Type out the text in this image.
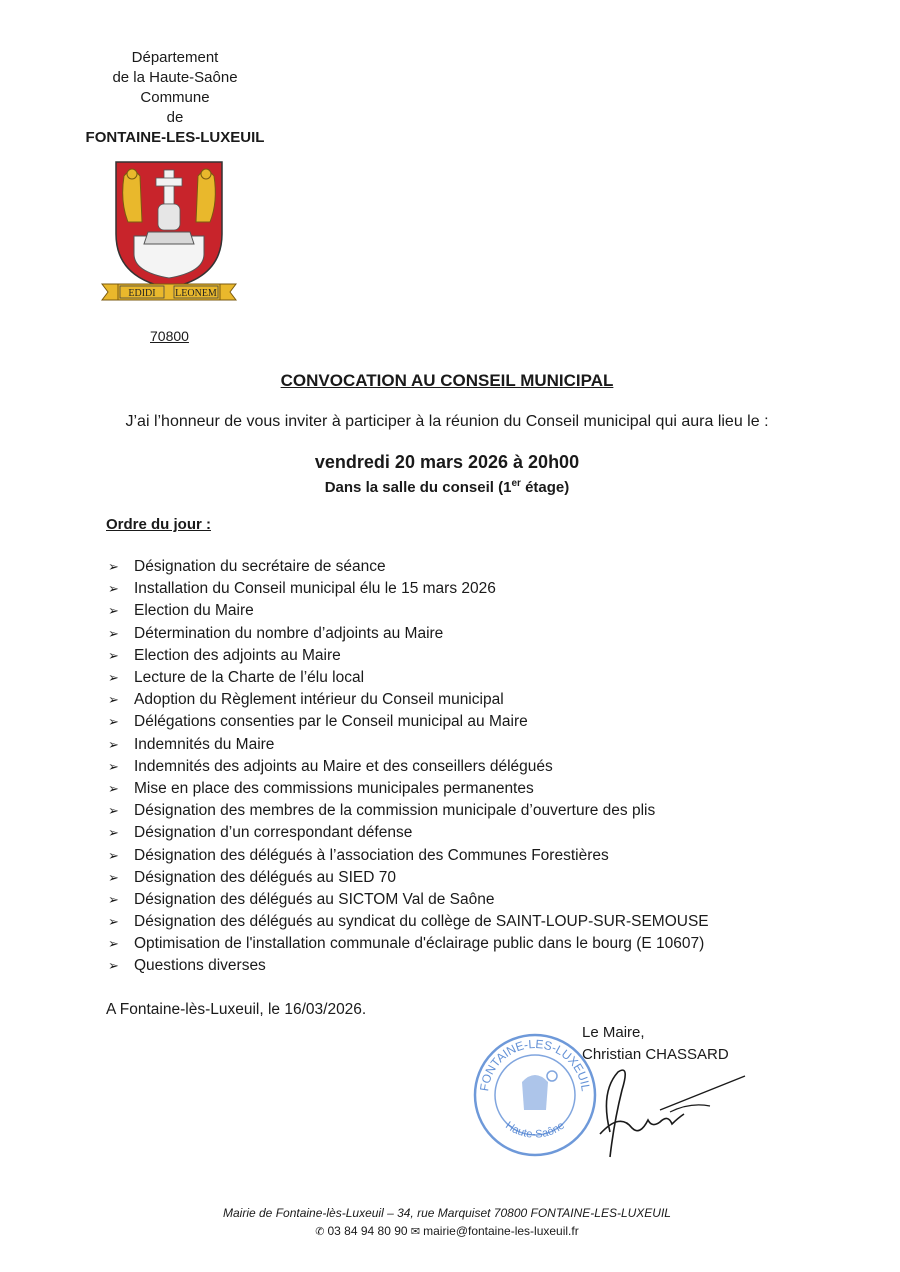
Département
de la Haute-Saône
Commune
de
FONTAINE-LES-LUXEUIL
EDIDI LEONEM
70800
CONVOCATION AU CONSEIL MUNICIPAL
J’ai l’honneur de vous inviter à participer à la réunion du Conseil municipal qui aura lieu le :
vendredi 20 mars 2026 à 20h00
Dans la salle du conseil (1er étage)
Ordre du jour :
➢ Désignation du secrétaire de séance
➢ Installation du Conseil municipal élu le 15 mars 2026
➢ Election du Maire
➢ Détermination du nombre d’adjoints au Maire
➢ Election des adjoints au Maire
➢ Lecture de la Charte de l’élu local
➢ Adoption du Règlement intérieur du Conseil municipal
➢ Délégations consenties par le Conseil municipal au Maire
➢ Indemnités du Maire
➢ Indemnités des adjoints au Maire et des conseillers délégués
➢ Mise en place des commissions municipales permanentes
➢ Désignation des membres de la commission municipale d’ouverture des plis
➢ Désignation d’un correspondant défense
➢ Désignation des délégués à l’association des Communes Forestières
➢ Désignation des délégués au SIED 70
➢ Désignation des délégués au SICTOM Val de Saône
➢ Désignation des délégués au syndicat du collège de SAINT-LOUP-SUR-SEMOUSE
➢ Optimisation de l'installation communale d'éclairage public dans le bourg (E 10607)
➢ Questions diverses
A Fontaine-lès-Luxeuil, le 16/03/2026.
Le Maire,
Christian CHASSARD
FONTAINE-LES-LUXEUIL
Haute-Saône
Mairie de Fontaine-lès-Luxeuil – 34, rue Marquiset 70800 FONTAINE-LES-LUXEUIL
✆ 03 84 94 80 90 ✉ mairie@fontaine-les-luxeuil.fr
